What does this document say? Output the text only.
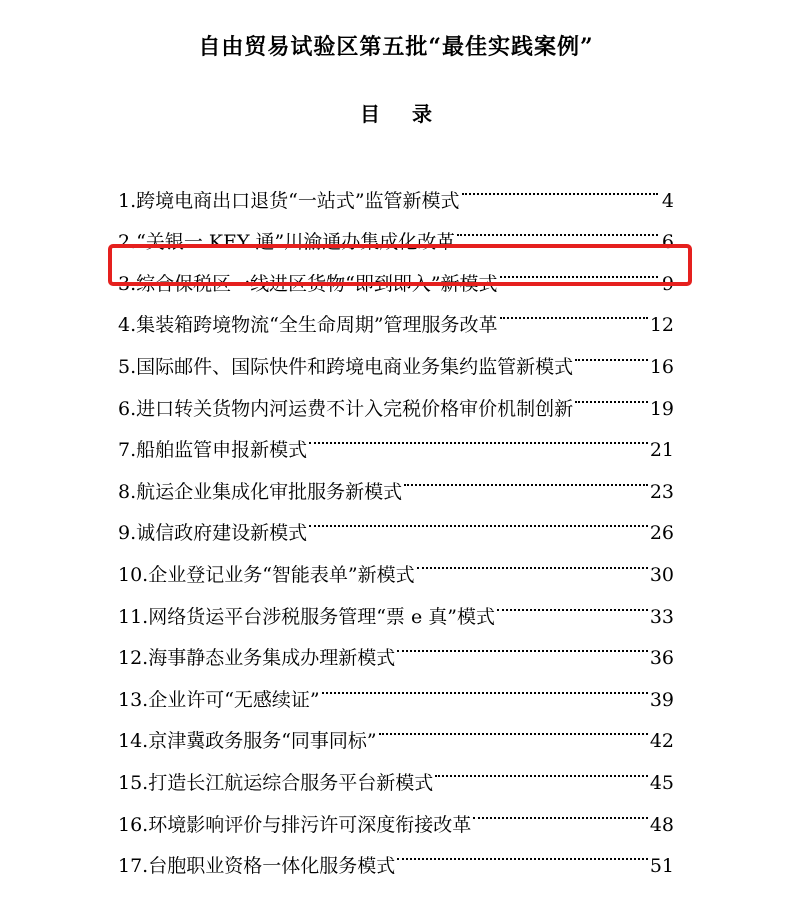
自由贸易试验区第五批“最佳实践案例”
目 录
1.跨境电商出口退货“一站式”监管新模式	4
2.“关银一 KEY 通”川渝通办集成化改革	6
3.综合保税区一线进区货物“即到即入”新模式	9
4.集装箱跨境物流“全生命周期”管理服务改革	12
5.国际邮件、国际快件和跨境电商业务集约监管新模式	16
6.进口转关货物内河运费不计入完税价格审价机制创新	19
7.船舶监管申报新模式	21
8.航运企业集成化审批服务新模式	23
9.诚信政府建设新模式	26
10.企业登记业务“智能表单”新模式	30
11.网络货运平台涉税服务管理“票 e 真”模式	33
12.海事静态业务集成办理新模式	36
13.企业许可“无感续证”	39
14.京津冀政务服务“同事同标”	42
15.打造长江航运综合服务平台新模式	45
16.环境影响评价与排污许可深度衔接改革	48
17.台胞职业资格一体化服务模式	51
